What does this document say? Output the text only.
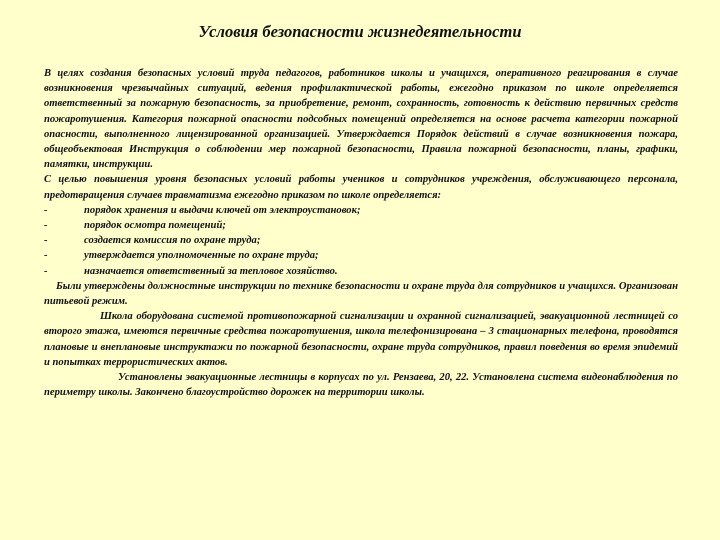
Условия безопасности жизнедеятельности

В целях создания безопасных условий труда педагогов, работников школы и учащихся, оперативного реагирования в случае возникновения чрезвычайных ситуаций, ведения профилактической работы, ежегодно приказом по школе определяется ответственный за пожарную безопасность, за приобретение, ремонт, сохранность, готовность к действию первичных средств пожаротушения. Категория пожарной опасности подсобных помещений определяется на основе расчета категории пожарной опасности, выполненного лицензированной организацией. Утверждается Порядок действий в случае возникновения пожара, общеобъектовая Инструкция о соблюдении мер пожарной безопасности, Правила пожарной безопасности, планы, графики, памятки, инструкции.

С целью повышения уровня безопасных условий работы учеников и сотрудников учреждения, обслуживающего персонала, предотвращения случаев травматизма ежегодно приказом по школе определяется:

-	порядок хранения и выдачи ключей от электроустановок;
-	порядок осмотра помещений;
-	создается комиссия по охране труда;
-	утверждается уполномоченные по охране труда;
-	назначается ответственный за тепловое хозяйство.

Были утверждены должностные инструкции по технике безопасности и охране труда для сотрудников и учащихся. Организован питьевой режим.

Школа оборудована системой противопожарной сигнализации и охранной сигнализацией, эвакуационной лестницей со второго этажа, имеются первичные средства пожаротушения, школа телефонизирована – 3 стационарных телефона, проводятся плановые и внеплановые инструктажи по пожарной безопасности, охране труда сотрудников, правил поведения во время эпидемий и попытках террористических актов.

Установлены эвакуационные лестницы в корпусах по ул. Рензаева, 20, 22. Установлена система видеонаблюдения по периметру школы. Закончено благоустройство дорожек на территории школы.
